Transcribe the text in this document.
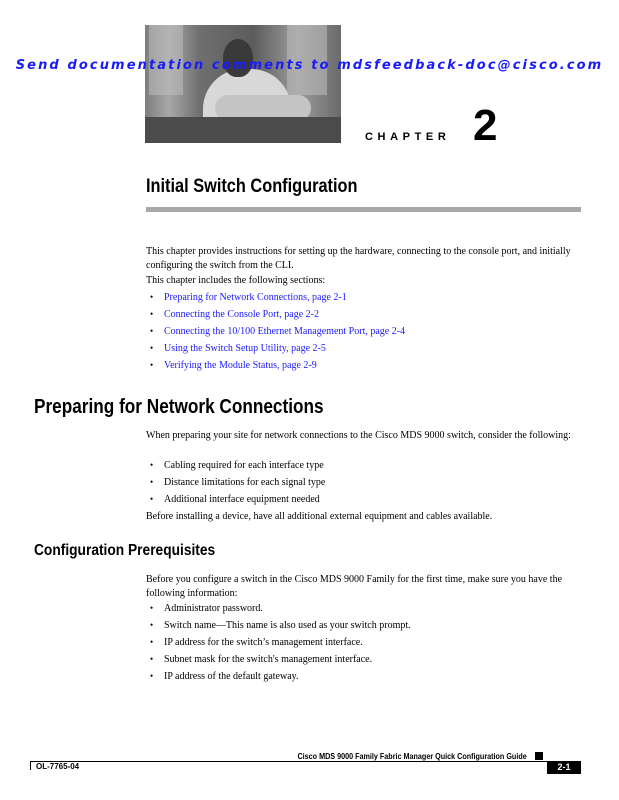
Send documentation comments to mdsfeedback-doc@cisco.com
CHAPTER 2
Initial Switch Configuration

This chapter provides instructions for setting up the hardware, connecting to the console port, and initially configuring the switch from the CLI.

This chapter includes the following sections:

• Preparing for Network Connections, page 2-1
• Connecting the Console Port, page 2-2
• Connecting the 10/100 Ethernet Management Port, page 2-4
• Using the Switch Setup Utility, page 2-5
• Verifying the Module Status, page 2-9
Preparing for Network Connections

When preparing your site for network connections to the Cisco MDS 9000 switch, consider the following:

• Cabling required for each interface type
• Distance limitations for each signal type
• Additional interface equipment needed

Before installing a device, have all additional external equipment and cables available.

Configuration Prerequisites

Before you configure a switch in the Cisco MDS 9000 Family for the first time, make sure you have the following information:

• Administrator password.
• Switch name—This name is also used as your switch prompt.
• IP address for the switch’s management interface.
• Subnet mask for the switch's management interface.
• IP address of the default gateway.
Cisco MDS 9000 Family Fabric Manager Quick Configuration Guide
OL-7765-04	2-1
